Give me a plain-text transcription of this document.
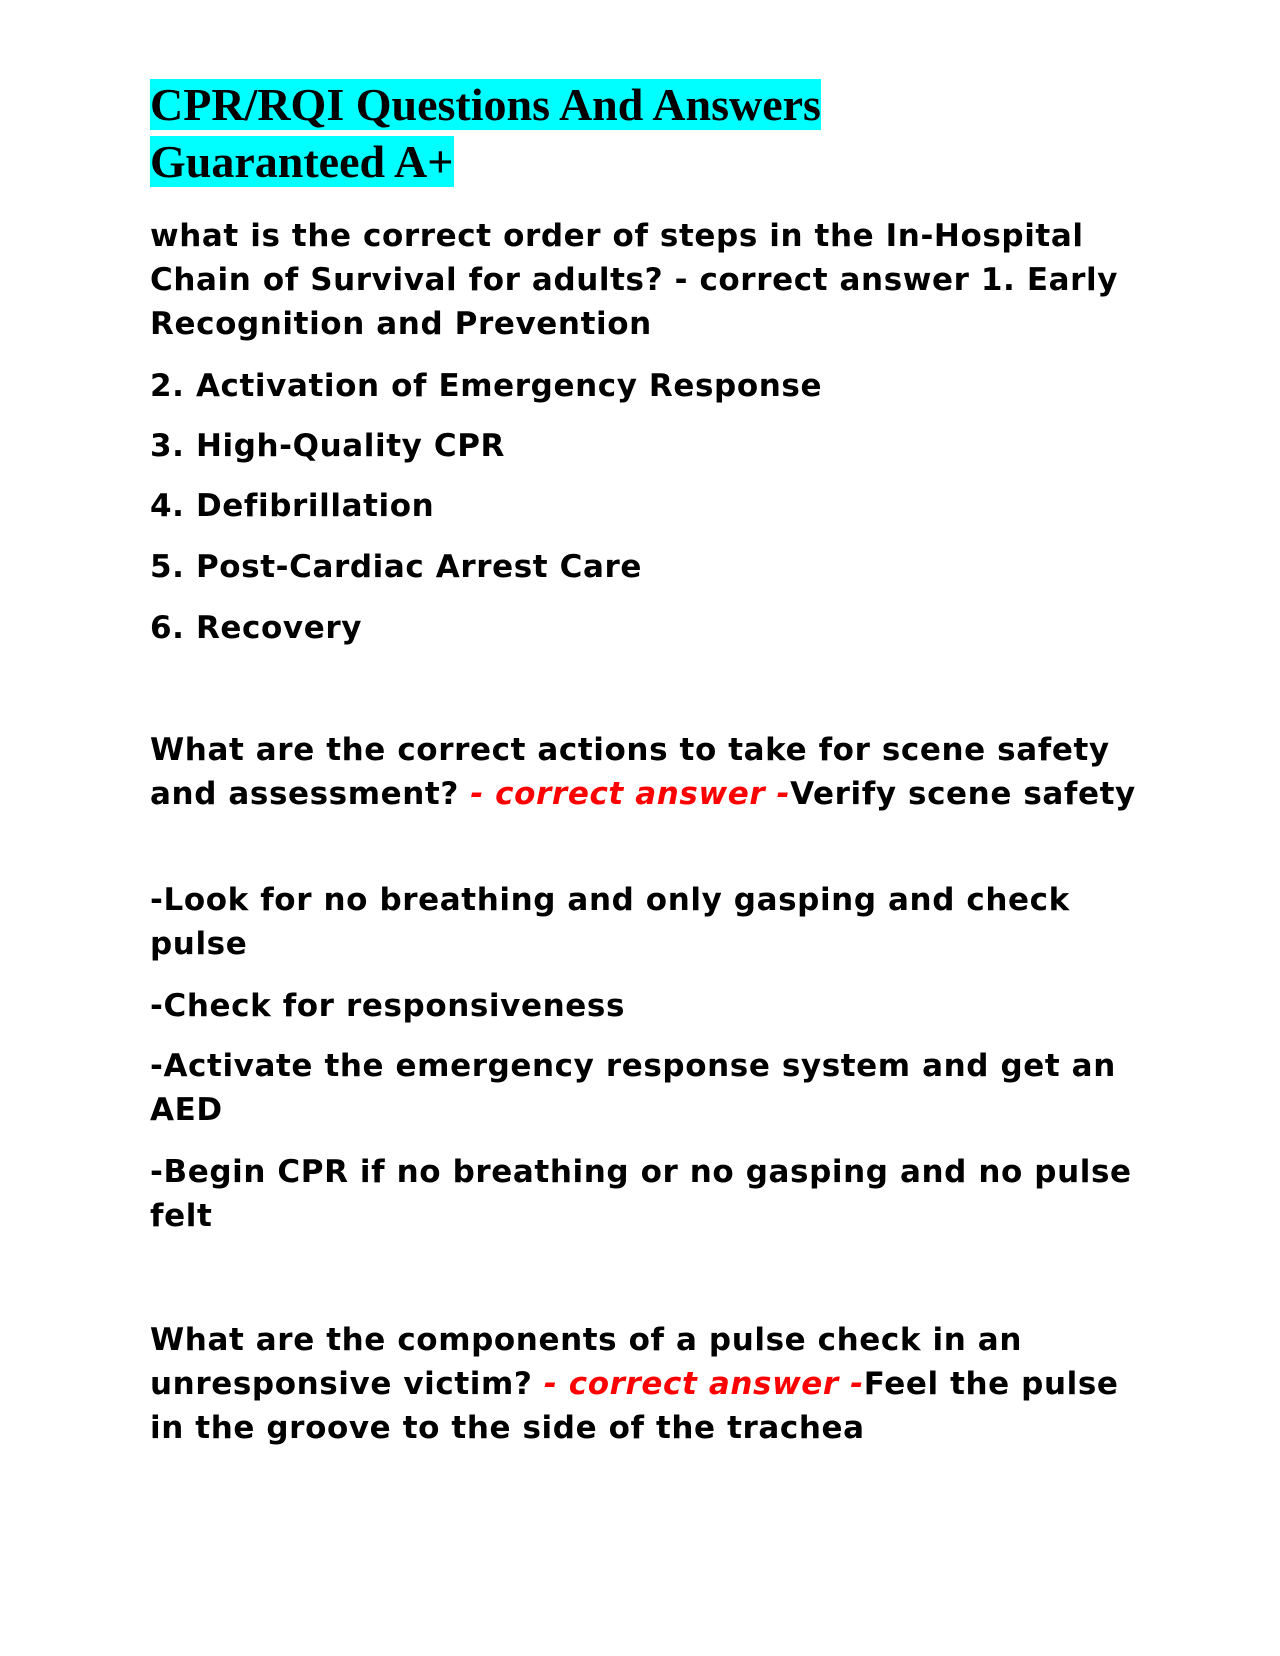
CPR/RQI Questions And Answers
Guaranteed A+

what is the correct order of steps in the In-Hospital Chain of Survival for adults? - correct answer 1. Early Recognition and Prevention

2. Activation of Emergency Response

3. High-Quality CPR

4. Defibrillation

5. Post-Cardiac Arrest Care

6. Recovery

What are the correct actions to take for scene safety and assessment? - correct answer -Verify scene safety

-Look for no breathing and only gasping and check pulse

-Check for responsiveness

-Activate the emergency response system and get an AED

-Begin CPR if no breathing or no gasping and no pulse felt

What are the components of a pulse check in an unresponsive victim? - correct answer -Feel the pulse in the groove to the side of the trachea
